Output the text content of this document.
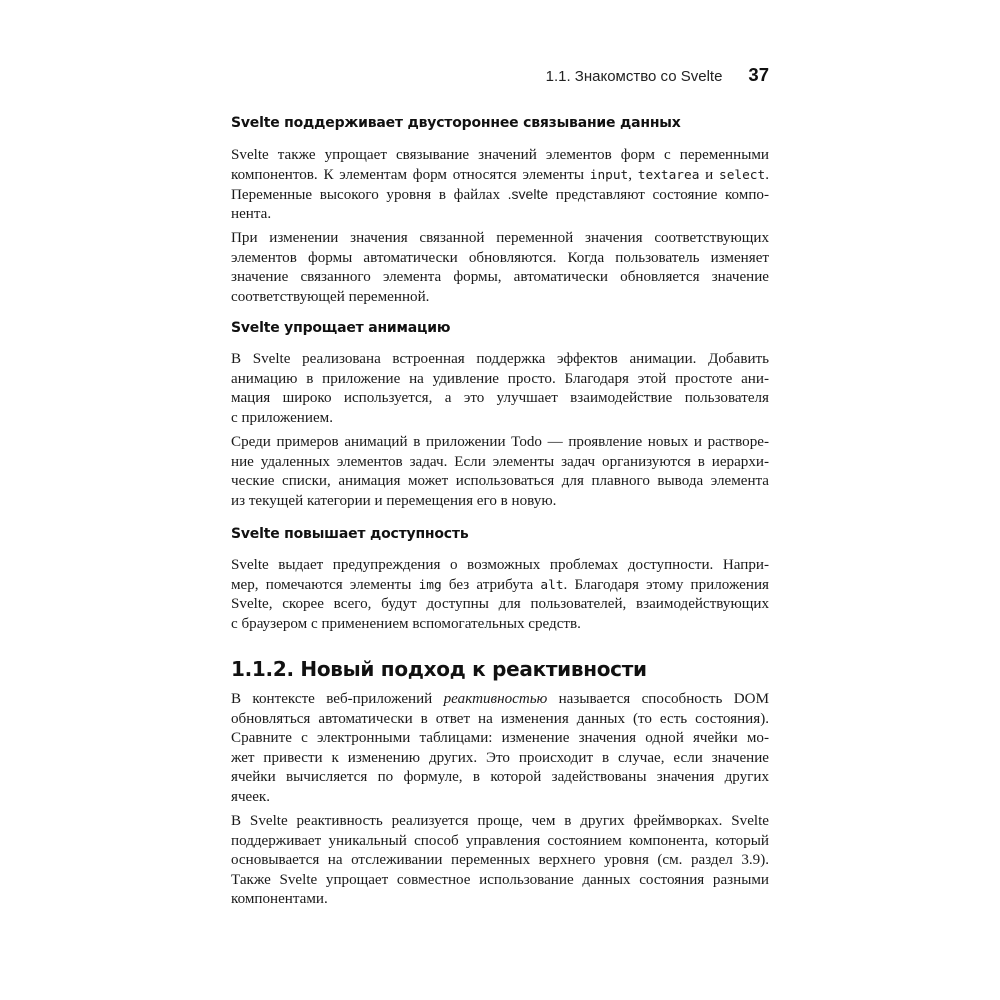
1.1. Знакомство со Svelte 37
Svelte поддерживает двустороннее связывание данных
Svelte также упрощает связывание значений элементов форм с переменными
компонентов. К элементам форм относятся элементы input, textarea и select.
Переменные высокого уровня в файлах .svelte представляют состояние компо-
нента.
При изменении значения связанной переменной значения соответствующих
элементов формы автоматически обновляются. Когда пользователь изменяет
значение связанного элемента формы, автоматически обновляется значение
соответствующей переменной.
Svelte упрощает анимацию
В Svelte реализована встроенная поддержка эффектов анимации. Добавить
анимацию в приложение на удивление просто. Благодаря этой простоте ани-
мация широко используется, а это улучшает взаимодействие пользователя
с приложением.
Среди примеров анимаций в приложении Todo — проявление новых и растворе-
ние удаленных элементов задач. Если элементы задач организуются в иерархи-
ческие списки, анимация может использоваться для плавного вывода элемента
из текущей категории и перемещения его в новую.
Svelte повышает доступность
Svelte выдает предупреждения о возможных проблемах доступности. Напри-
мер, помечаются элементы img без атрибута alt. Благодаря этому приложения
Svelte, скорее всего, будут доступны для пользователей, взаимодействующих
с браузером с применением вспомогательных средств.
1.1.2. Новый подход к реактивности
В контексте веб-приложений реактивностью называется способность DOM
обновляться автоматически в ответ на изменения данных (то есть состояния).
Сравните с электронными таблицами: изменение значения одной ячейки мо-
жет привести к изменению других. Это происходит в случае, если значение
ячейки вычисляется по формуле, в которой задействованы значения других
ячеек.
В Svelte реактивность реализуется проще, чем в других фреймворках. Svelte
поддерживает уникальный способ управления состоянием компонента, который
основывается на отслеживании переменных верхнего уровня (см. раздел 3.9).
Также Svelte упрощает совместное использование данных состояния разными
компонентами.
